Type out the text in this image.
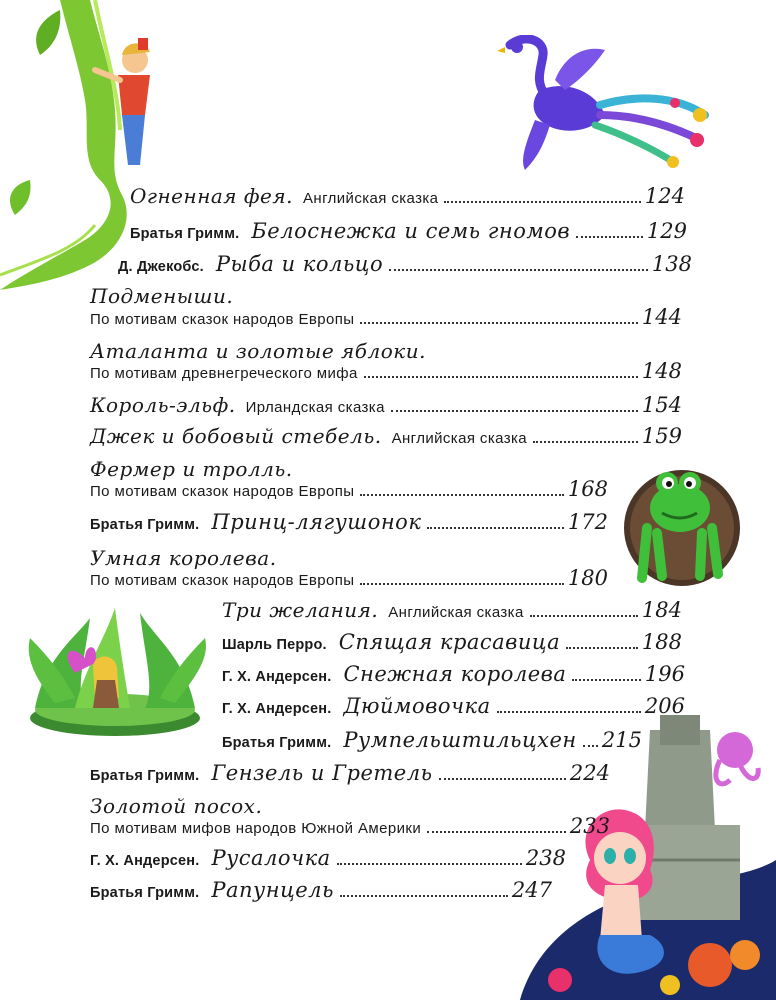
Огненная фея. Английская сказка	124
Братья Гримм. Белоснежка и семь гномов	129
Д. Джекобс. Рыба и кольцо	138
Подменыши.
По мотивам сказок народов Европы	144
Аталанта и золотые яблоки.
По мотивам древнегреческого мифа	148
Король-эльф. Ирландская сказка	154
Джек и бобовый стебель. Английская сказка	159
Фермер и тролль.
По мотивам сказок народов Европы	168
Братья Гримм. Принц-лягушонок	172
Умная королева.
По мотивам сказок народов Европы	180
Три желания. Английская сказка	184
Шарль Перро. Спящая красавица	188
Г. Х. Андерсен. Снежная королева	196
Г. Х. Андерсен. Дюймовочка	206
Братья Гримм. Румпельштильцхен 215
Братья Гримм. Гензель и Гретель	224
Золотой посох.
По мотивам мифов народов Южной Америки	233
Г. Х. Андерсен. Русалочка	238
Братья Гримм. Рапунцель	247
